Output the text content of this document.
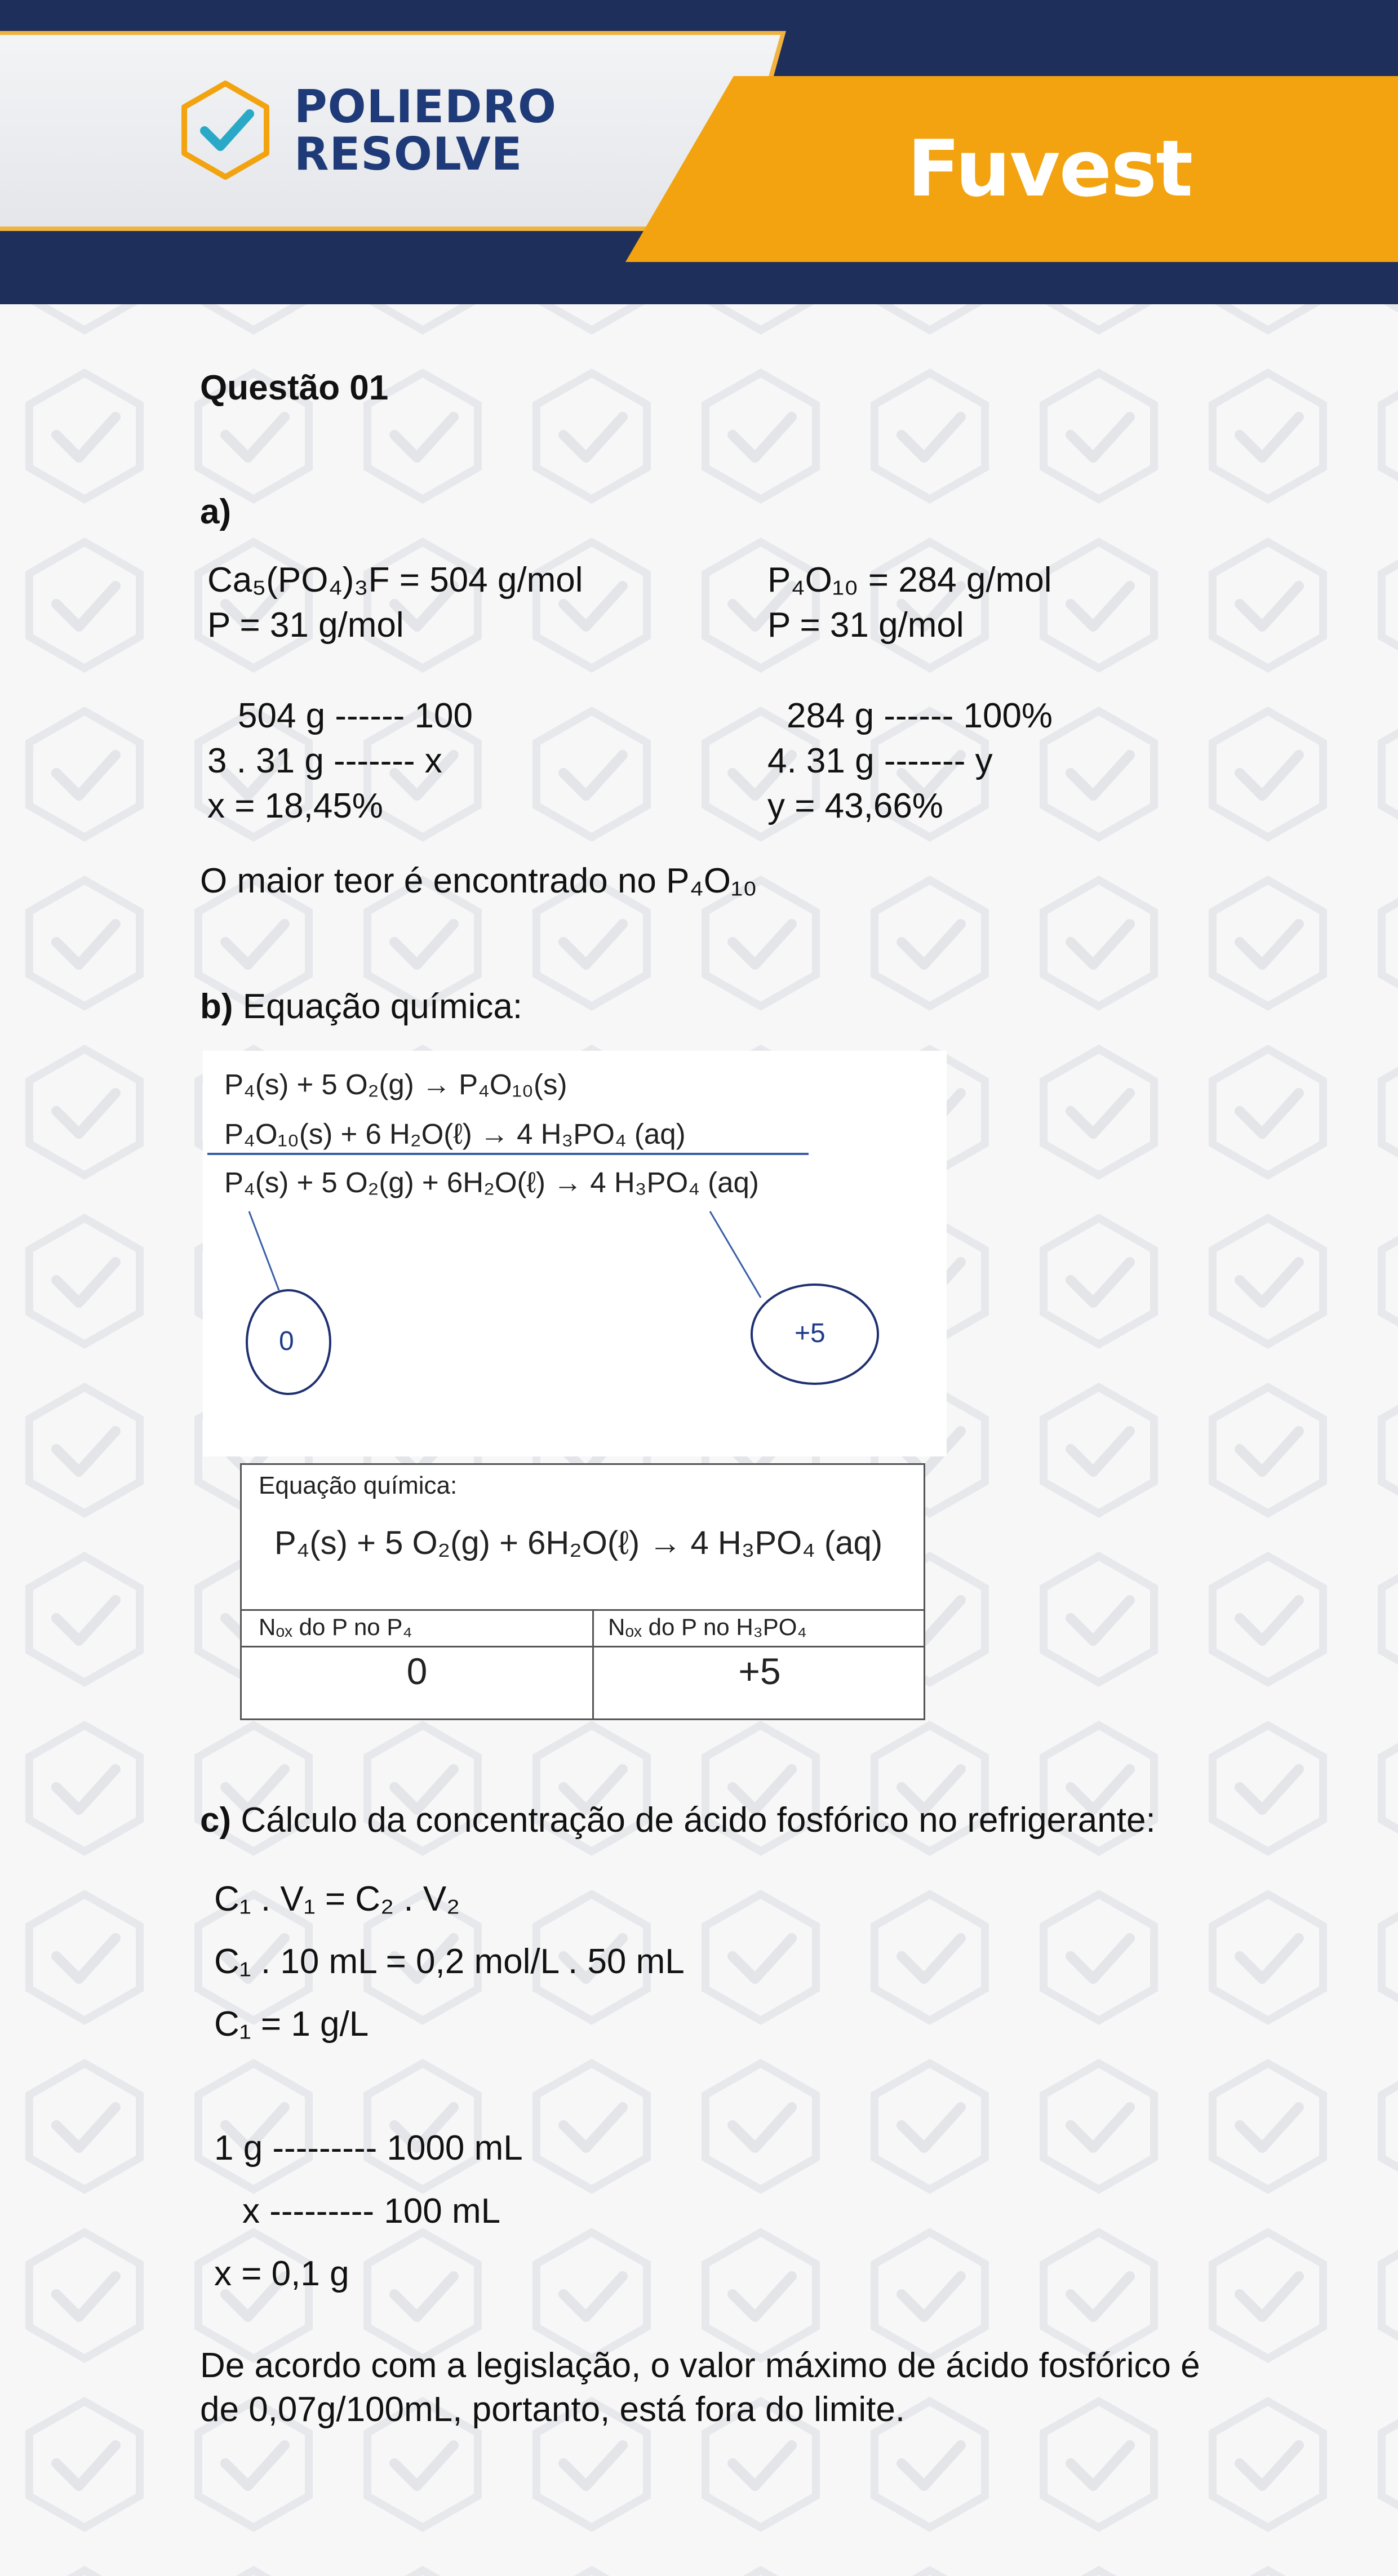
POLIEDRO
RESOLVE	Fuvest
Questão 01
a)
Ca₅(PO₄)₃F = 504 g/mol
P = 31 g/mol
504 g ------ 100
3 . 31 g ------- x
x = 18,45%
P₄O₁₀ = 284 g/mol
P = 31 g/mol
284 g ------ 100%
4. 31 g ------- y
y = 43,66%
O maior teor é encontrado no P₄O₁₀
b) Equação química:
P₄(s) + 5 O₂(g) → P₄O₁₀(s)
P₄O₁₀(s) + 6 H₂O(ℓ) → 4 H₃PO₄ (aq)
P₄(s) + 5 O₂(g) + 6H₂O(ℓ) → 4 H₃PO₄ (aq)
0	+5
Equação química:
P₄(s) + 5 O₂(g) + 6H₂O(ℓ) → 4 H₃PO₄ (aq)
Nₒₓ do P no P₄	Nₒₓ do P no H₃PO₄
0	+5
c) Cálculo da concentração de ácido fosfórico no refrigerante:
C₁ . V₁ = C₂ . V₂
C₁ . 10 mL = 0,2 mol/L . 50 mL
C₁ = 1 g/L
1 g --------- 1000 mL
x --------- 100 mL
x = 0,1 g
De acordo com a legislação, o valor máximo de ácido fosfórico é
de 0,07g/100mL, portanto, está fora do limite.
